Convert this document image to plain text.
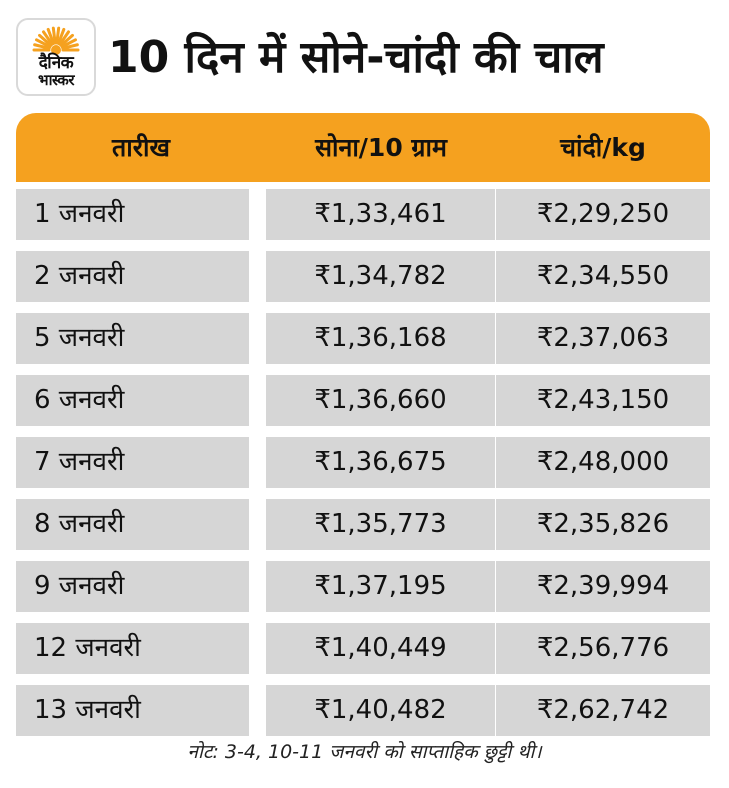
दैनिक
भास्कर 10 दिन में सोने-चांदी की चाल
तारीख	सोना/10 ग्राम	चांदी/kg
1 जनवरी	₹1,33,461	₹2,29,250
2 जनवरी	₹1,34,782	₹2,34,550
5 जनवरी	₹1,36,168	₹2,37,063
6 जनवरी	₹1,36,660	₹2,43,150
7 जनवरी	₹1,36,675	₹2,48,000
8 जनवरी	₹1,35,773	₹2,35,826
9 जनवरी	₹1,37,195	₹2,39,994
12 जनवरी	₹1,40,449	₹2,56,776
13 जनवरी	₹1,40,482	₹2,62,742
नोट: 3-4, 10-11 जनवरी को साप्ताहिक छुट्टी थी।
